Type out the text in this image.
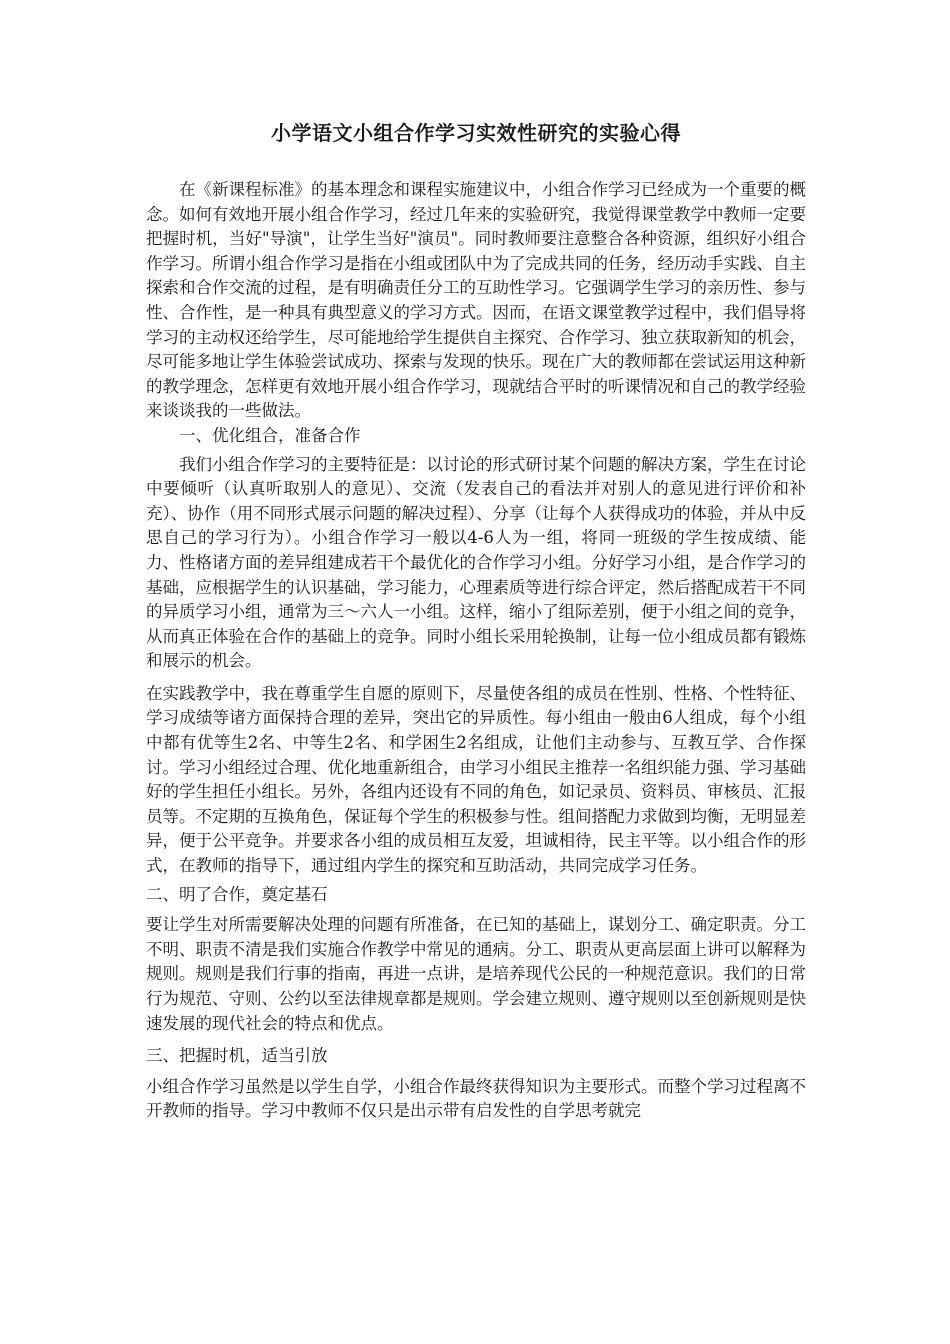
小学语文小组合作学习实效性研究的实验心得

在《新课程标准》的基本理念和课程实施建议中，小组合作学习已经成为一个重要的概念。如何有效地开展小组合作学习，经过几年来的实验研究，我觉得课堂教学中教师一定要把握时机，当好"导演"，让学生当好"演员"。同时教师要注意整合各种资源，组织好小组合作学习。所谓小组合作学习是指在小组或团队中为了完成共同的任务，经历动手实践、自主探索和合作交流的过程，是有明确责任分工的互助性学习。它强调学生学习的亲历性、参与性、合作性，是一种具有典型意义的学习方式。因而，在语文课堂教学过程中，我们倡导将学习的主动权还给学生，尽可能地给学生提供自主探究、合作学习、独立获取新知的机会，尽可能多地让学生体验尝试成功、探索与发现的快乐。现在广大的教师都在尝试运用这种新的教学理念，怎样更有效地开展小组合作学习，现就结合平时的听课情况和自己的教学经验来谈谈我的一些做法。

一、优化组合，准备合作

我们小组合作学习的主要特征是：以讨论的形式研讨某个问题的解决方案，学生在讨论中要倾听（认真听取别人的意见）、交流（发表自己的看法并对别人的意见进行评价和补充）、协作（用不同形式展示问题的解决过程）、分享（让每个人获得成功的体验，并从中反思自己的学习行为）。小组合作学习一般以4-6人为一组，将同一班级的学生按成绩、能力、性格诸方面的差异组建成若干个最优化的合作学习小组。分好学习小组，是合作学习的基础，应根据学生的认识基础，学习能力，心理素质等进行综合评定，然后搭配成若干不同的异质学习小组，通常为三～六人一小组。这样，缩小了组际差别，便于小组之间的竞争，从而真正体验在合作的基础上的竞争。同时小组长采用轮换制，让每一位小组成员都有锻炼和展示的机会。

在实践教学中，我在尊重学生自愿的原则下，尽量使各组的成员在性别、性格、个性特征、学习成绩等诸方面保持合理的差异，突出它的异质性。每小组由一般由6人组成，每个小组中都有优等生2名、中等生2名、和学困生2名组成，让他们主动参与、互教互学、合作探讨。学习小组经过合理、优化地重新组合，由学习小组民主推荐一名组织能力强、学习基础好的学生担任小组长。另外，各组内还设有不同的角色，如记录员、资料员、审核员、汇报员等。不定期的互换角色，保证每个学生的积极参与性。组间搭配力求做到均衡，无明显差异，便于公平竞争。并要求各小组的成员相互友爱，坦诚相待，民主平等。以小组合作的形式，在教师的指导下，通过组内学生的探究和互助活动，共同完成学习任务。

二、明了合作，奠定基石

要让学生对所需要解决处理的问题有所准备，在已知的基础上，谋划分工、确定职责。分工不明、职责不清是我们实施合作教学中常见的通病。分工、职责从更高层面上讲可以解释为规则。规则是我们行事的指南，再进一点讲，是培养现代公民的一种规范意识。我们的日常行为规范、守则、公约以至法律规章都是规则。学会建立规则、遵守规则以至创新规则是快速发展的现代社会的特点和优点。

三、把握时机，适当引放

小组合作学习虽然是以学生自学，小组合作最终获得知识为主要形式。而整个学习过程离不开教师的指导。学习中教师不仅只是出示带有启发性的自学思考就完
